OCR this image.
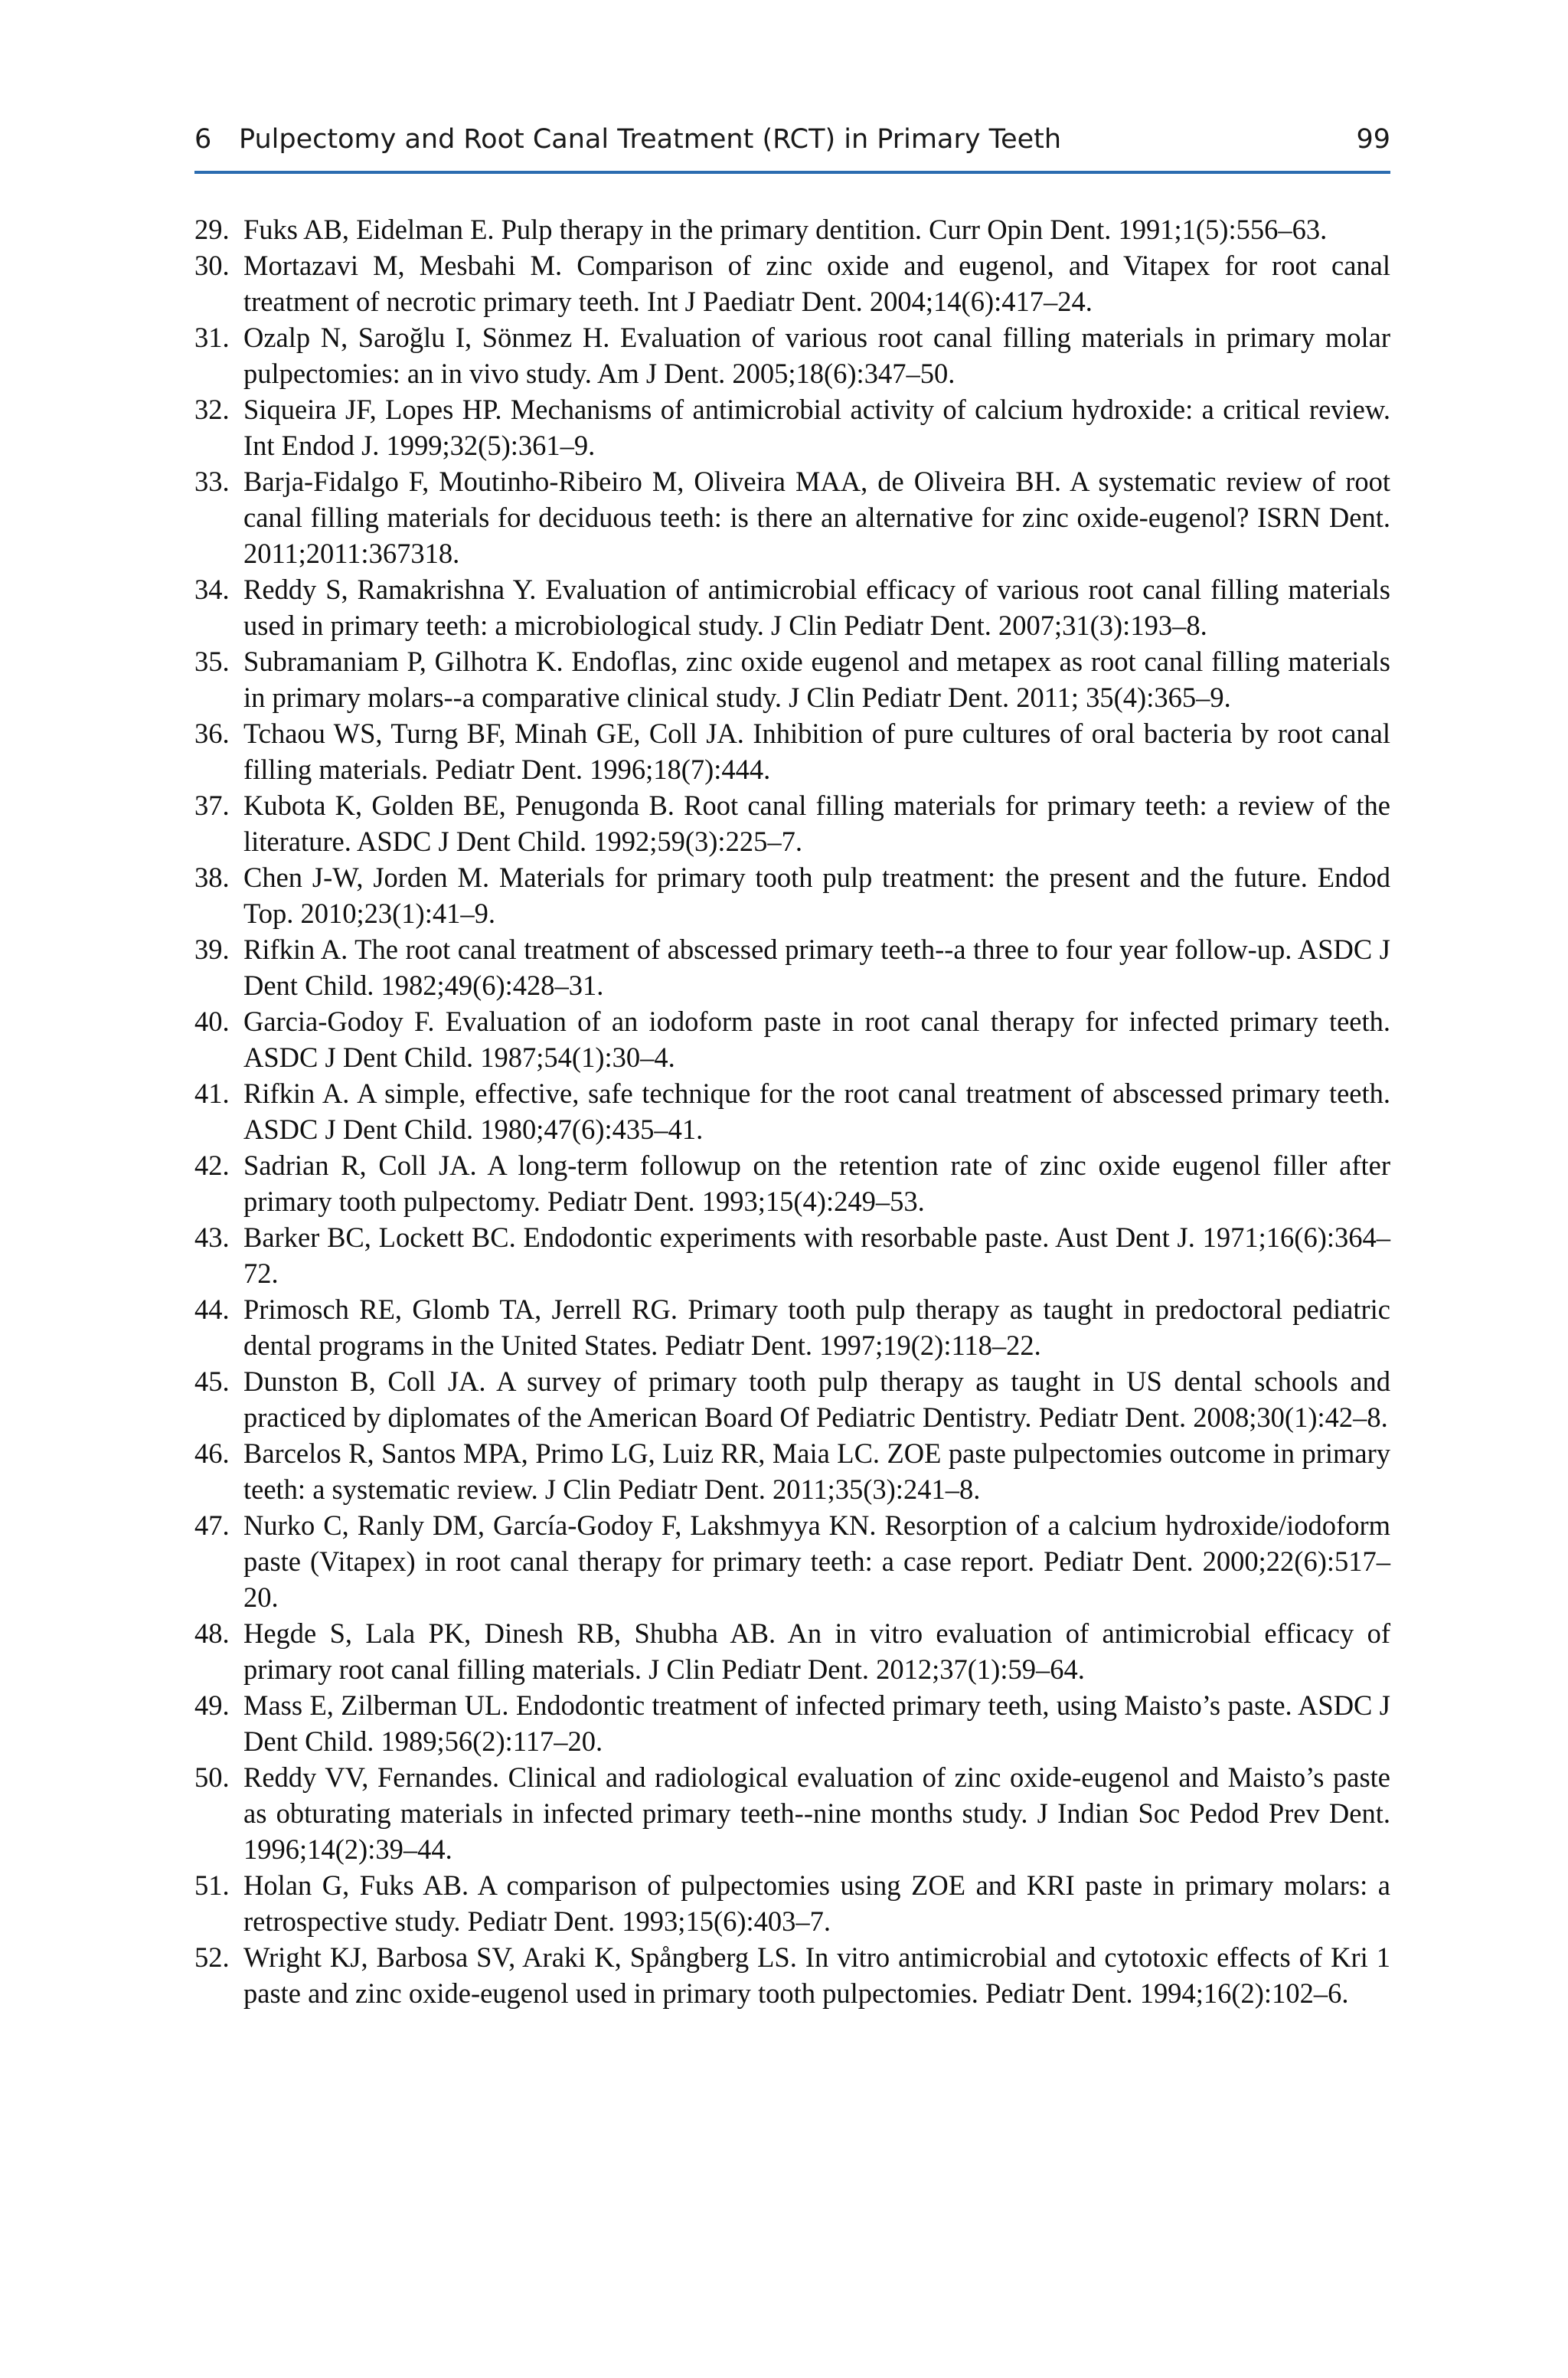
6 Pulpectomy and Root Canal Treatment (RCT) in Primary Teeth	99
29. Fuks AB, Eidelman E. Pulp therapy in the primary dentition. Curr Opin Dent. 1991;1(5):556–63.
30. Mortazavi M, Mesbahi M. Comparison of zinc oxide and eugenol, and Vitapex for root canal treatment of necrotic primary teeth. Int J Paediatr Dent. 2004;14(6):417–24.
31. Ozalp N, Saroğlu I, Sönmez H. Evaluation of various root canal filling materials in primary molar pulpectomies: an in vivo study. Am J Dent. 2005;18(6):347–50.
32. Siqueira JF, Lopes HP. Mechanisms of antimicrobial activity of calcium hydroxide: a critical review. Int Endod J. 1999;32(5):361–9.
33. Barja-Fidalgo F, Moutinho-Ribeiro M, Oliveira MAA, de Oliveira BH. A systematic review of root canal filling materials for deciduous teeth: is there an alternative for zinc oxide-eugenol? ISRN Dent. 2011;2011:367318.
34. Reddy S, Ramakrishna Y. Evaluation of antimicrobial efficacy of various root canal filling materials used in primary teeth: a microbiological study. J Clin Pediatr Dent. 2007;31(3):193–8.
35. Subramaniam P, Gilhotra K. Endoflas, zinc oxide eugenol and metapex as root canal filling materials in primary molars--a comparative clinical study. J Clin Pediatr Dent. 2011; 35(4):365–9.
36. Tchaou WS, Turng BF, Minah GE, Coll JA. Inhibition of pure cultures of oral bacteria by root canal filling materials. Pediatr Dent. 1996;18(7):444.
37. Kubota K, Golden BE, Penugonda B. Root canal filling materials for primary teeth: a review of the literature. ASDC J Dent Child. 1992;59(3):225–7.
38. Chen J-W, Jorden M. Materials for primary tooth pulp treatment: the present and the future. Endod Top. 2010;23(1):41–9.
39. Rifkin A. The root canal treatment of abscessed primary teeth--a three to four year follow-up. ASDC J Dent Child. 1982;49(6):428–31.
40. Garcia-Godoy F. Evaluation of an iodoform paste in root canal therapy for infected primary teeth. ASDC J Dent Child. 1987;54(1):30–4.
41. Rifkin A. A simple, effective, safe technique for the root canal treatment of abscessed primary teeth. ASDC J Dent Child. 1980;47(6):435–41.
42. Sadrian R, Coll JA. A long-term followup on the retention rate of zinc oxide eugenol filler after primary tooth pulpectomy. Pediatr Dent. 1993;15(4):249–53.
43. Barker BC, Lockett BC. Endodontic experiments with resorbable paste. Aust Dent J. 1971;16(6):364–72.
44. Primosch RE, Glomb TA, Jerrell RG. Primary tooth pulp therapy as taught in predoctoral pediatric dental programs in the United States. Pediatr Dent. 1997;19(2):118–22.
45. Dunston B, Coll JA. A survey of primary tooth pulp therapy as taught in US dental schools and practiced by diplomates of the American Board Of Pediatric Dentistry. Pediatr Dent. 2008;30(1):42–8.
46. Barcelos R, Santos MPA, Primo LG, Luiz RR, Maia LC. ZOE paste pulpectomies outcome in primary teeth: a systematic review. J Clin Pediatr Dent. 2011;35(3):241–8.
47. Nurko C, Ranly DM, García-Godoy F, Lakshmyya KN. Resorption of a calcium hydroxide/​iodoform paste (Vitapex) in root canal therapy for primary teeth: a case report. Pediatr Dent. 2000;22(6):517–20.
48. Hegde S, Lala PK, Dinesh RB, Shubha AB. An in vitro evaluation of antimicrobial efficacy of primary root canal filling materials. J Clin Pediatr Dent. 2012;37(1):59–64.
49. Mass E, Zilberman UL. Endodontic treatment of infected primary teeth, using Maisto’s paste. ASDC J Dent Child. 1989;56(2):117–20.
50. Reddy VV, Fernandes. Clinical and radiological evaluation of zinc oxide-eugenol and Maisto’s paste as obturating materials in infected primary teeth--nine months study. J Indian Soc Pedod Prev Dent. 1996;14(2):39–44.
51. Holan G, Fuks AB. A comparison of pulpectomies using ZOE and KRI paste in primary molars: a retrospective study. Pediatr Dent. 1993;15(6):403–7.
52. Wright KJ, Barbosa SV, Araki K, Spångberg LS. In vitro antimicrobial and cytotoxic effects of Kri 1 paste and zinc oxide-eugenol used in primary tooth pulpectomies. Pediatr Dent. 1994;16(2):102–6.
